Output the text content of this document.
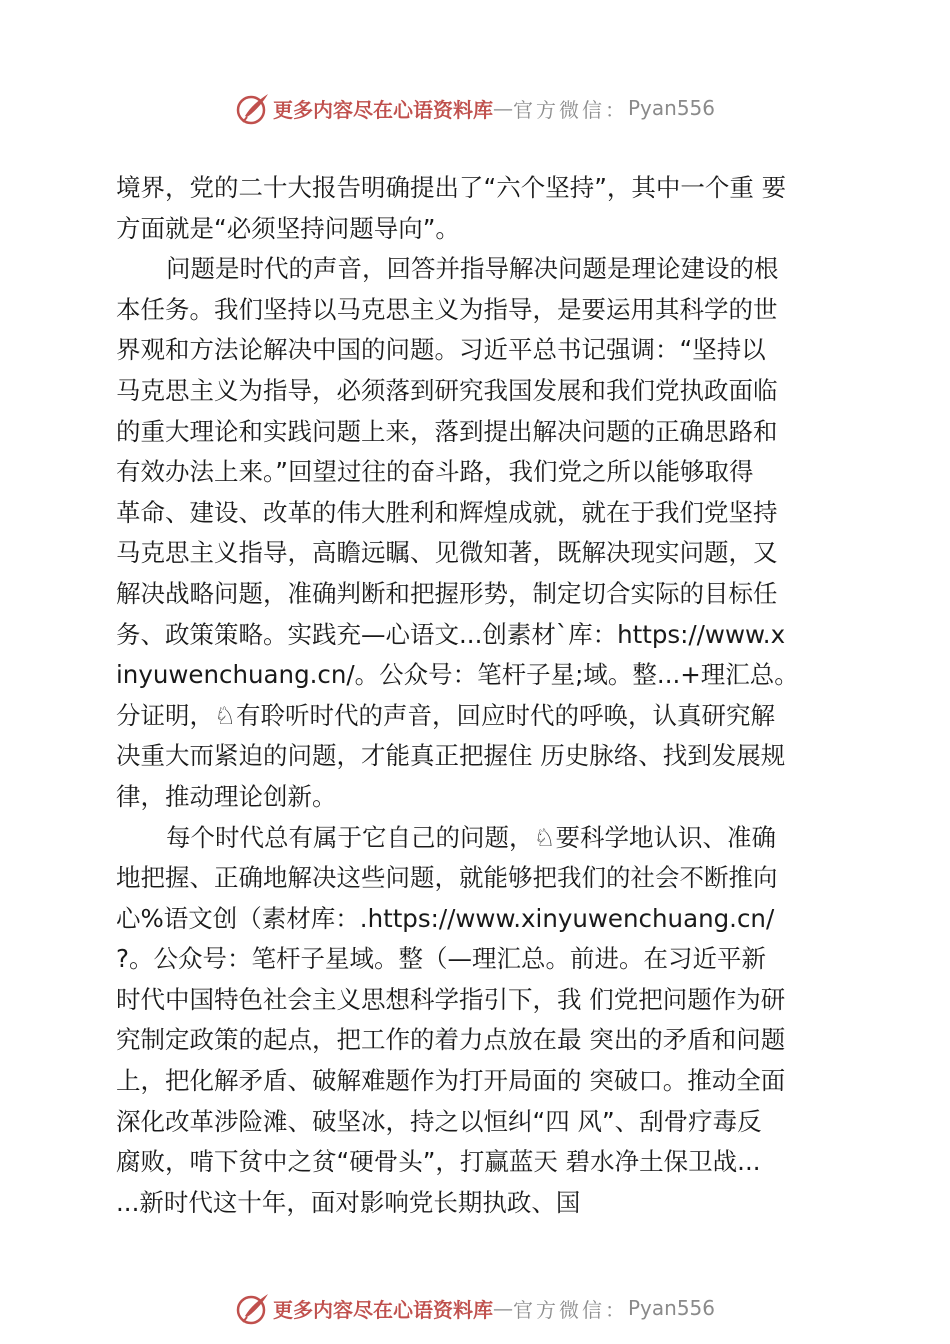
更多内容尽在心语资料库 — 官方微信： Pyan556
境界，党的二十大报告明确提出了“六个坚持”，其中一个重 要
方面就是“必须坚持问题导向”。
问题是时代的声音，回答并指导解决问题是理论建设的根
本任务。我们坚持以马克思主义为指导，是要运用其科学的世
界观和方法论解决中国的问题。习近平总书记强调：“坚持以
马克思主义为指导，必须落到研究我国发展和我们党执政面临
的重大理论和实践问题上来，落到提出解决问题的正确思路和
有效办法上来。”回望过往的奋斗路，我们党之所以能够取得
革命、建设、改革的伟大胜利和辉煌成就，就在于我们党坚持
马克思主义指导，高瞻远瞩、见微知著，既解决现实问题，又
解决战略问题，准确判断和把握形势，制定切合实际的目标任
务、政策策略。实践充—心语文...创素材`库：https://www.x
inyuwenchuang.cn/。公众号：笔杆子星;域。整...+理汇总。
分证明，♘有聆听时代的声音，回应时代的呼唤，认真研究解
决重大而紧迫的问题，才能真正把握住 历史脉络、找到发展规
律，推动理论创新。
每个时代总有属于它自己的问题，♘要科学地认识、准确
地把握、正确地解决这些问题，就能够把我们的社会不断推向
心%语文创（素材库：.https://www.xinyuwenchuang.cn/
?。公众号：笔杆子星域。整（—理汇总。前进。在习近平新
时代中国特色社会主义思想科学指引下，我 们党把问题作为研
究制定政策的起点，把工作的着力点放在最 突出的矛盾和问题
上，把化解矛盾、破解难题作为打开局面的 突破口。推动全面
深化改革涉险滩、破坚冰，持之以恒纠“四 风”、刮骨疗毒反
腐败，啃下贫中之贫“硬骨头”，打赢蓝天 碧水净土保卫战...
...新时代这十年，面对影响党长期执政、国
更多内容尽在心语资料库 — 官方微信： Pyan556
